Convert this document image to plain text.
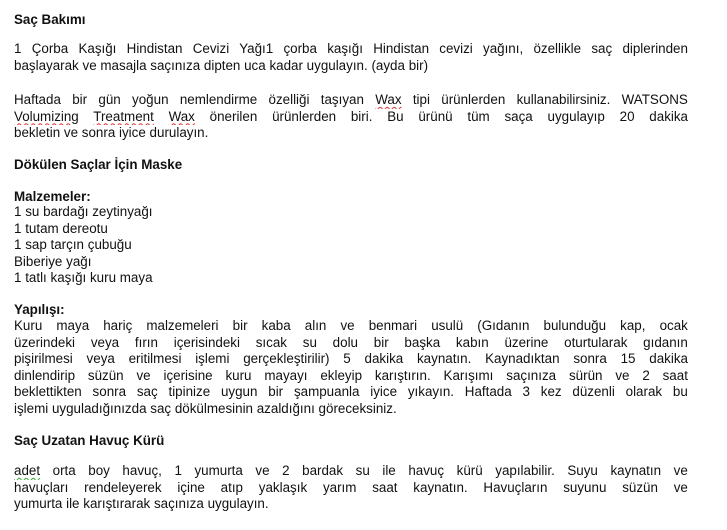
Saç Bakımı
1 Çorba Kaşığı Hindistan Cevizi Yağı1 çorba kaşığı Hindistan cevizi yağını, özellikle saç diplerinden
başlayarak ve masajla saçınıza dipten uca kadar uygulayın. (ayda bir)
Haftada bir gün yoğun nemlendirme özelliği taşıyan Wax tipi ürünlerden kullanabilirsiniz. WATSONS
Volumizing Treatment Wax önerilen ürünlerden biri. Bu ürünü tüm saça uygulayıp 20 dakika
bekletin ve sonra iyice durulayın.
Dökülen Saçlar İçin Maske
Malzemeler:
1 su bardağı zeytinyağı
1 tutam dereotu
1 sap tarçın çubuğu
Biberiye yağı
1 tatlı kaşığı kuru maya
Yapılışı:
Kuru maya hariç malzemeleri bir kaba alın ve benmari usulü (Gıdanın bulunduğu kap, ocak
üzerindeki veya fırın içerisindeki sıcak su dolu bir başka kabın üzerine oturtularak gıdanın
pişirilmesi veya eritilmesi işlemi gerçekleştirilir) 5 dakika kaynatın. Kaynadıktan sonra 15 dakika
dinlendirip süzün ve içerisine kuru mayayı ekleyip karıştırın. Karışımı saçınıza sürün ve 2 saat
beklettikten sonra saç tipinize uygun bir şampuanla iyice yıkayın. Haftada 3 kez düzenli olarak bu
işlemi uyguladığınızda saç dökülmesinin azaldığını göreceksiniz.
Saç Uzatan Havuç Kürü
adet orta boy havuç, 1 yumurta ve 2 bardak su ile havuç kürü yapılabilir. Suyu kaynatın ve
havuçları rendeleyerek içine atıp yaklaşık yarım saat kaynatın. Havuçların suyunu süzün ve
yumurta ile karıştırarak saçınıza uygulayın.
